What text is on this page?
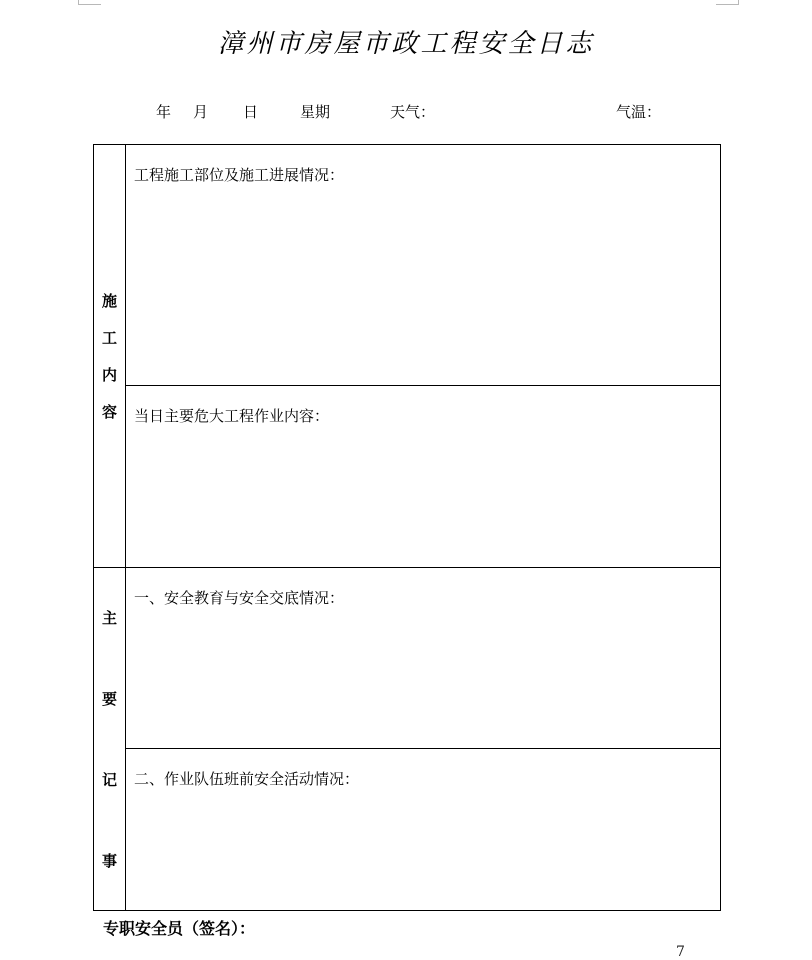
漳州市房屋市政工程安全日志
年 月 日	星期	天气：	气温：
施
工
内
容	工程施工部位及施工进展情况：

	当日主要危大工程作业内容：

主
要
记
事	一、安全教育与安全交底情况：

	二、作业队伍班前安全活动情况：
专职安全员（签名）：
7
